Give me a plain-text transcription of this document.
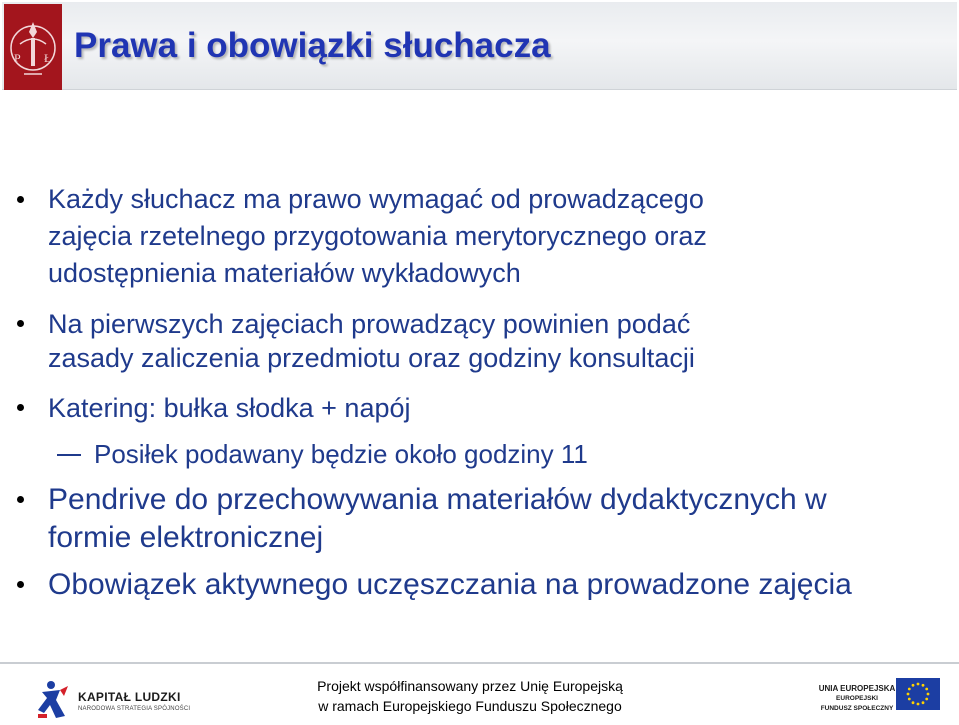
P Ł Prawa i obowiązki słuchacza
Każdy słuchacz ma prawo wymagać od prowadzącego
zajęcia rzetelnego przygotowania merytorycznego oraz
udostępnienia materiałów wykładowych
Na pierwszych zajęciach prowadzący powinien podać
zasady zaliczenia przedmiotu oraz godziny konsultacji
Katering: bułka słodka + napój
Posiłek podawany będzie około godziny 11
Pendrive do przechowywania materiałów dydaktycznych w
formie elektronicznej
Obowiązek aktywnego uczęszczania na prowadzone zajęcia
KAPITAŁ LUDZKI
NARODOWA STRATEGIA SPÓJNOŚCI
Projekt współfinansowany przez Unię Europejską
w ramach Europejskiego Funduszu Społecznego
UNIA EUROPEJSKA
EUROPEJSKI
FUNDUSZ SPOŁECZNY
